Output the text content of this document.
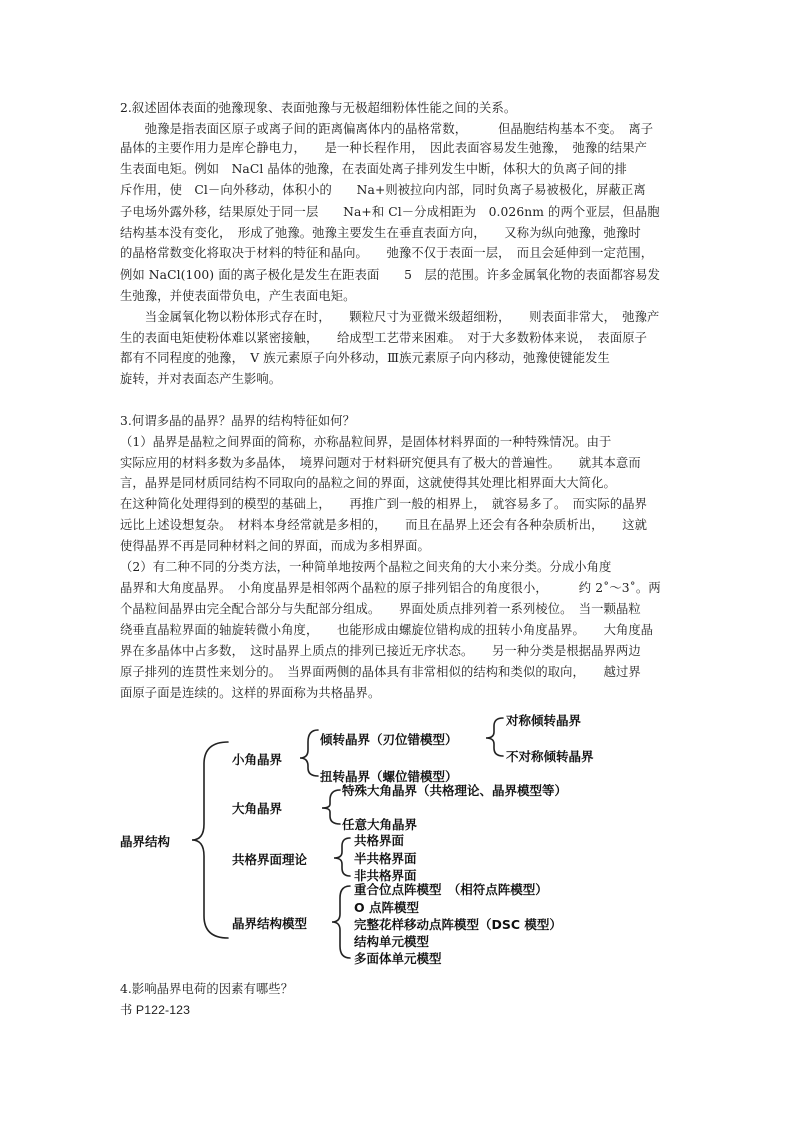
2.叙述固体表面的弛豫现象、表面弛豫与无极超细粉体性能之间的关系。
　　弛豫是指表面区原子或离子间的距离偏离体内的晶格常数，　　　但晶胞结构基本不变。　离子
晶体的主要作用力是库仑静电力，　　是一种长程作用，　因此表面容易发生弛豫，　弛豫的结果产
生表面电矩。例如　NaCl 晶体的弛豫，在表面处离子排列发生中断，体积大的负离子间的排
斥作用，使　Cl－向外移动，体积小的　　Na+则被拉向内部，同时负离子易被极化，屏蔽正离
子电场外露外移，结果原处于同一层　　Na+和 Cl－分成相距为　0.026nm 的两个亚层，但晶胞
结构基本没有变化，　形成了弛豫。弛豫主要发生在垂直表面方向，　　又称为纵向弛豫，弛豫时
的晶格常数变化将取决于材料的特征和晶向。　　弛豫不仅于表面一层，　而且会延伸到一定范围，
例如 NaCl(100) 面的离子极化是发生在距表面　　5　层的范围。许多金属氧化物的表面都容易发
生弛豫，并使表面带负电，产生表面电矩。
　　当金属氧化物以粉体形式存在时，　　颗粒尺寸为亚微米级超细粉，　　则表面非常大，　弛豫产
生的表面电矩使粉体难以紧密接触，　　给成型工艺带来困难。　对于大多数粉体来说，　表面原子
都有不同程度的弛豫，　V 族元素原子向外移动，Ⅲ族元素原子向内移动，弛豫使键能发生
旋转，并对表面态产生影响。
3.何谓多晶的晶界？晶界的结构特征如何？
（1）晶界是晶粒之间界面的简称，亦称晶粒间界，是固体材料界面的一种特殊情况。由于
实际应用的材料多数为多晶体，　境界问题对于材料研究便具有了极大的普遍性。　　就其本意而
言，晶界是同材质同结构不同取向的晶粒之间的界面，这就使得其处理比相界面大大简化。
在这种简化处理得到的模型的基础上，　　再推广到一般的相界上，　就容易多了。　而实际的晶界
远比上述设想复杂。　材料本身经常就是多相的，　　而且在晶界上还会有各种杂质析出，　　这就
使得晶界不再是同种材料之间的界面，而成为多相界面。
（2）有二种不同的分类方法，一种简单地按两个晶粒之间夹角的大小来分类。分成小角度
晶界和大角度晶界。　小角度晶界是相邻两个晶粒的原子排列铝合的角度很小，　　　约 2˚～3˚。两
个晶粒间晶界由完全配合部分与失配部分组成。　　界面处质点排列着一系列棱位。　当一颗晶粒
绕垂直晶粒界面的轴旋转微小角度，　　也能形成由螺旋位错构成的扭转小角度晶界。　　大角度晶
界在多晶体中占多数，　这时晶界上质点的排列已接近无序状态。　　另一种分类是根据晶界两边
原子排列的连贯性来划分的。　当界面两侧的晶体具有非常相似的结构和类似的取向，　　越过界
面原子面是连续的。这样的界面称为共格晶界。
晶界结构
小角晶界
倾转晶界（刃位错模型）
对称倾转晶界
不对称倾转晶界
扭转晶界（螺位错模型）
大角晶界
特殊大角晶界（共格理论、晶界模型等）
任意大角晶界
共格界面理论
共格界面
半共格界面
非共格界面
晶界结构模型
重合位点阵模型　（相符点阵模型）
O 点阵模型
完整花样移动点阵模型（DSC 模型）
结构单元模型
多面体单元模型
4.影响晶界电荷的因素有哪些？
书 P122-123
